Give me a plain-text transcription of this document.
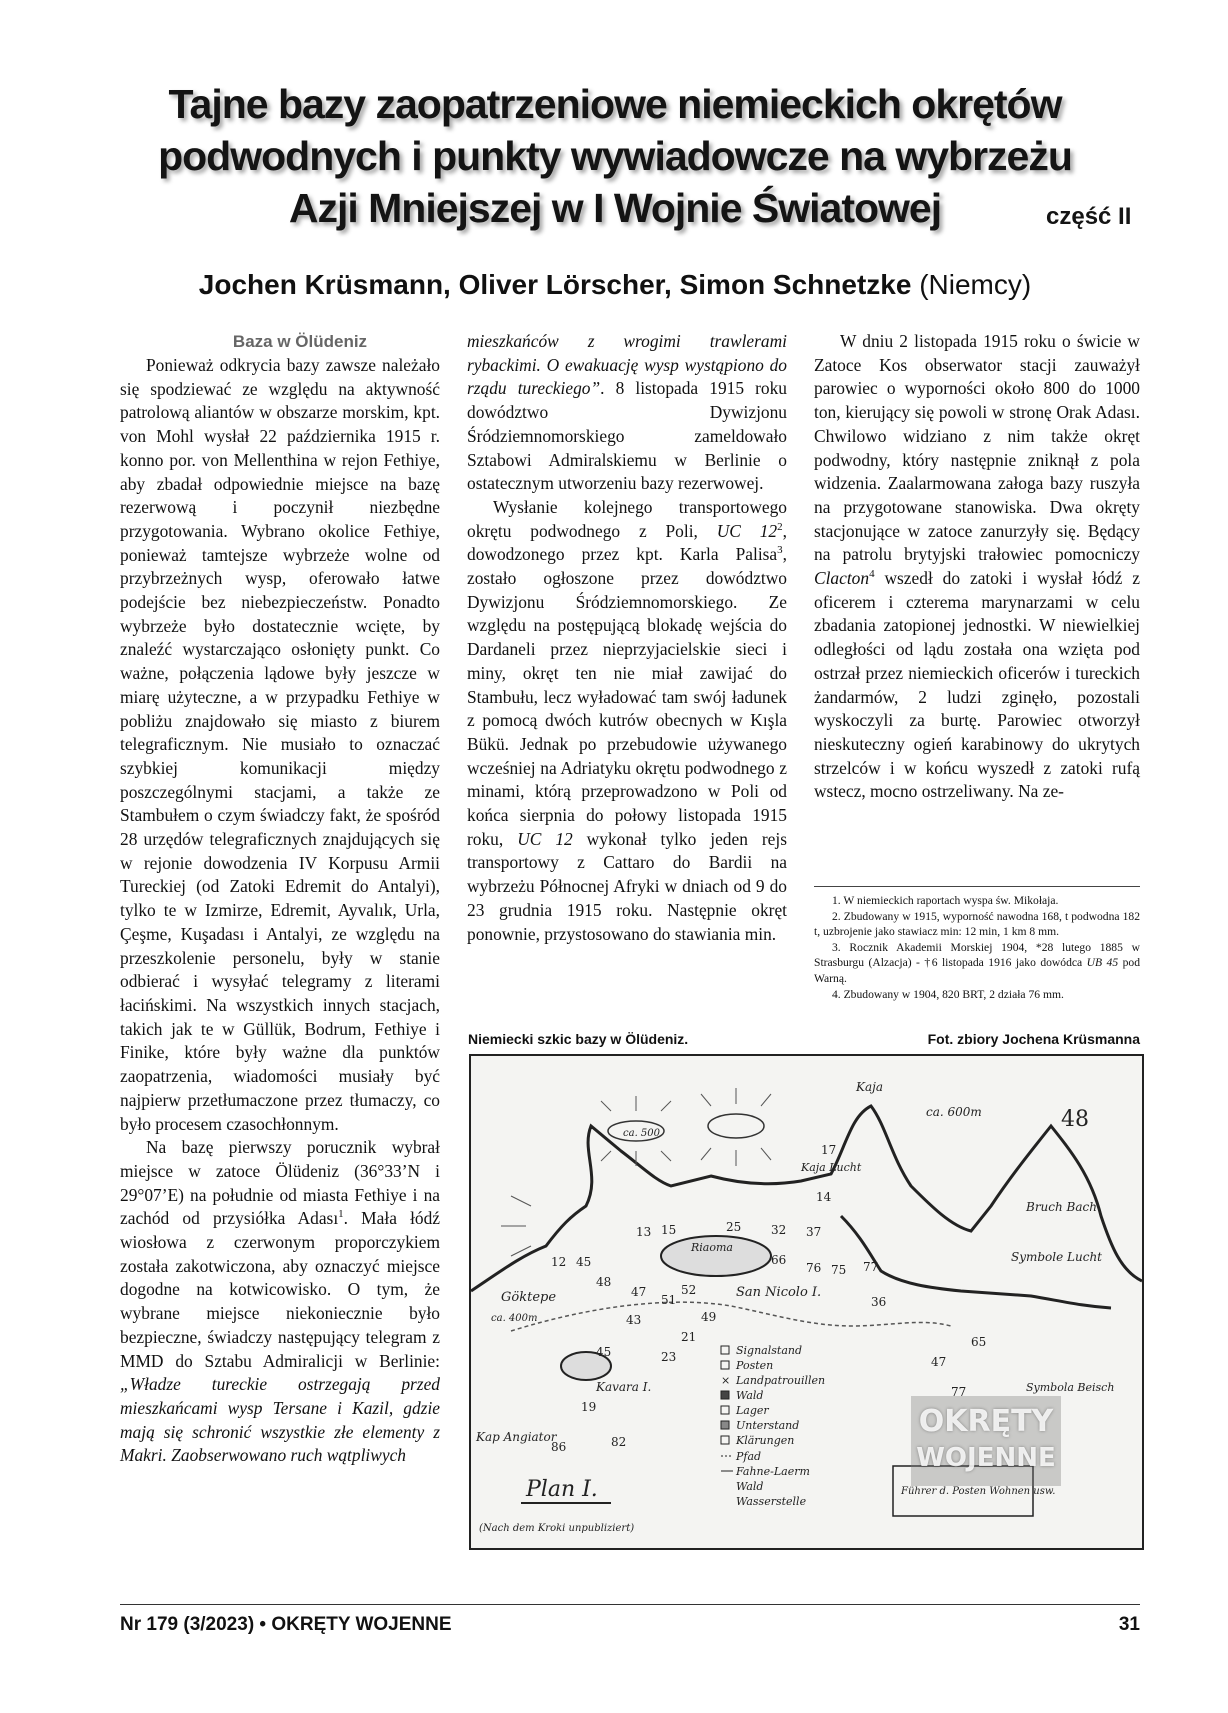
Tajne bazy zaopatrzeniowe niemieckich okrętów
podwodnych i punkty wywiadowcze na wybrzeżu
Azji Mniejszej w I Wojnie Światowej	część II
Jochen Krüsmann, Oliver Lörscher, Simon Schnetzke (Niemcy)
Baza w Ölüdeniz

Ponieważ odkrycia bazy zawsze należało się spodziewać ze względu na aktywność patrolową aliantów w obszarze morskim, kpt. von Mohl wysłał 22 października 1915 r. konno por. von Mellenthina w rejon Fethiye, aby zbadał odpowiednie miejsce na bazę rezerwową i poczynił niezbędne przygotowania. Wybrano okolice Fethiye, ponieważ tamtejsze wybrzeże wolne od przybrzeżnych wysp, oferowało łatwe podejście bez niebezpieczeństw. Ponadto wybrzeże było dostatecznie wcięte, by znaleźć wystarczająco osłonięty punkt. Co ważne, połączenia lądowe były jeszcze w miarę użyteczne, a w przypadku Fethiye w pobliżu znajdowało się miasto z biurem telegraficznym. Nie musiało to oznaczać szybkiej komunikacji między poszczególnymi stacjami, a także ze Stambułem o czym świadczy fakt, że spośród 28 urzędów telegraficznych znajdujących się w rejonie dowodzenia IV Korpusu Armii Tureckiej (od Zatoki Edremit do Antalyi), tylko te w Izmirze, Edremit, Ayvalık, Urla, Çeşme, Kuşadası i Antalyi, ze względu na przeszkolenie personelu, były w stanie odbierać i wysyłać telegramy z literami łacińskimi. Na wszystkich innych stacjach, takich jak te w Güllük, Bodrum, Fethiye i Finike, które były ważne dla punktów zaopatrzenia, wiadomości musiały być najpierw przetłumaczone przez tłumaczy, co było procesem czasochłonnym.

Na bazę pierwszy porucznik wybrał miejsce w zatoce Ölüdeniz (36°33’N i 29°07’E) na południe od miasta Fethiye i na zachód od przysiółka Adası$^1$. Mała łódź wiosłowa z czerwonym proporczykiem została zakotwiczona, aby oznaczyć miejsce dogodne na kotwicowisko. O tym, że wybrane miejsce niekoniecznie było bezpieczne, świadczy następujący telegram z MMD do Sztabu Admiralicji w Berlinie: „Władze tureckie ostrzegają przed mieszkańcami wysp Tersane i Kazil, gdzie mają się schronić wszystkie złe elementy z Makri. Zaobserwowano ruch wątpliwych

mieszkańców z wrogimi trawlerami rybackimi. O ewakuację wysp wystąpiono do rządu tureckiego”. 8 listopada 1915 roku dowództwo Dywizjonu Śródziemnomorskiego zameldowało Sztabowi Admiralskiemu w Berlinie o ostatecznym utworzeniu bazy rezerwowej.

Wysłanie kolejnego transportowego okrętu podwodnego z Poli, UC $12^2$, dowodzonego przez kpt. Karla Palisa$^3$, zostało ogłoszone przez dowództwo Dywizjonu Śródziemnomorskiego. Ze względu na postępującą blokadę wejścia do Dardaneli przez nieprzyjacielskie sieci i miny, okręt ten nie miał zawijać do Stambułu, lecz wyładować tam swój ładunek z pomocą dwóch kutrów obecnych w Kışla Bükü. Jednak po przebudowie używanego wcześniej na Adriatyku okrętu podwodnego z minami, którą przeprowadzono w Poli od końca sierpnia do połowy listopada 1915 roku, UC 12 wykonał tylko jeden rejs transportowy z Cattaro do Bardii na wybrzeżu Północnej Afryki w dniach od 9 do 23 grudnia 1915 roku. Następnie okręt ponownie, przystosowano do stawiania min.

W dniu 2 listopada 1915 roku o świcie w Zatoce Kos obserwator stacji zauważył parowiec o wyporności około 800 do 1000 ton, kierujący się powoli w stronę Orak Adası. Chwilowo widziano z nim także okręt podwodny, który następnie zniknął z pola widzenia. Zaalarmowana załoga bazy ruszyła na przygotowane stanowiska. Dwa okręty stacjonujące w zatoce zanurzyły się. Będący na patrolu brytyjski trałowiec pomocniczy Clacton$^4$ wszedł do zatoki i wysłał łódź z oficerem i czterema marynarzami w celu zbadania zatopionej jednostki. W niewielkiej odległości od lądu została ona wzięta pod ostrzał przez niemieckich oficerów i tureckich żandarmów, 2 ludzi zginęło, pozostali wyskoczyli za burtę. Parowiec otworzył nieskuteczny ogień karabinowy do ukrytych strzelców i w końcu wyszedł z zatoki rufą wstecz, mocno ostrzeliwany. Na ze-

1. W niemieckich raportach wyspa św. Mikołaja.
2. Zbudowany w 1915, wyporność nawodna 168, t podwodna 182 t, uzbrojenie jako stawiacz min: 12 min, 1 km 8 mm.
3. Rocznik Akademii Morskiej 1904, *28 lutego 1885 w Strasburgu (Alzacja) - †6 listopada 1916 jako dowódca UB 45 pod Warną.
4. Zbudowany w 1904, 820 BRT, 2 działa 76 mm.
Niemiecki szkic bazy w Ölüdeniz.	Fot. zbiory Jochena Krüsmanna
48
Kaja
ca. 600m
Bruch Bach
Symbole Lucht
Kaja Lucht
Riaoma
San Nicolo I.
Göktepe
Kavara I.
Kap Angiator
Symbola Beisch
ca. 500
ca. 400m
Plan I.
(Nach dem Kroki unpubliziert)
13 15	25 32 37
66
76 75 77
36
45
49
52
47
43
45
19
86	82
65
47
77
14
17
12
48
51
21
23	Signalstand
Posten
× Landpatrouillen
Wald
Lager
Unterstand
Klärungen
Pfad
Fahne-Laerm
Wald
Wasserstelle
Führer d. Posten Wohnen usw.
OKRĘTY
WOJENNE
Nr 179 (3/2023) • OKRĘTY WOJENNE	31
